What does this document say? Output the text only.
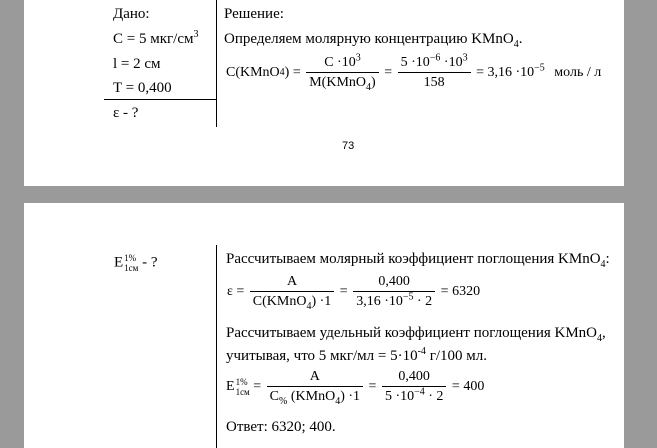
Дано:
C = 5 мкг/$см^3$
l = 2 см
T = 0,400
ε - ?
Решение:
Определяем молярную концентрацию KMnO$_4$.
C(KMnO 4 ) =
$\frac{C \cdot 10^3}{M(KMnO_4)} = \frac{5 \cdot 10^{-6} \cdot 10^3}{158} = 3,16 \cdot 10^{-5}$ моль / л
73
E 1%
1см - ?	Рассчитываем молярный коэффициент поглощения KMnO$_4$:
$\varepsilon = \frac{A}{C(KMnO_4) \cdot 1} = \frac{0,400}{3,16 \cdot 10^{-5} \cdot 2} = 6320$
Рассчитываем удельный коэффициент поглощения KMnO$_4$,
учитывая, что 5 $мкг/мл = 5\cdot 10^{-4}$ г/100 мл.
E 1%
$1см = \frac{A}{C_{\%} (KMnO_4) \cdot 1} = \frac{0,400}{5 \cdot 10^{-4} \cdot 2} = 400$
Ответ: 6320; 400.
